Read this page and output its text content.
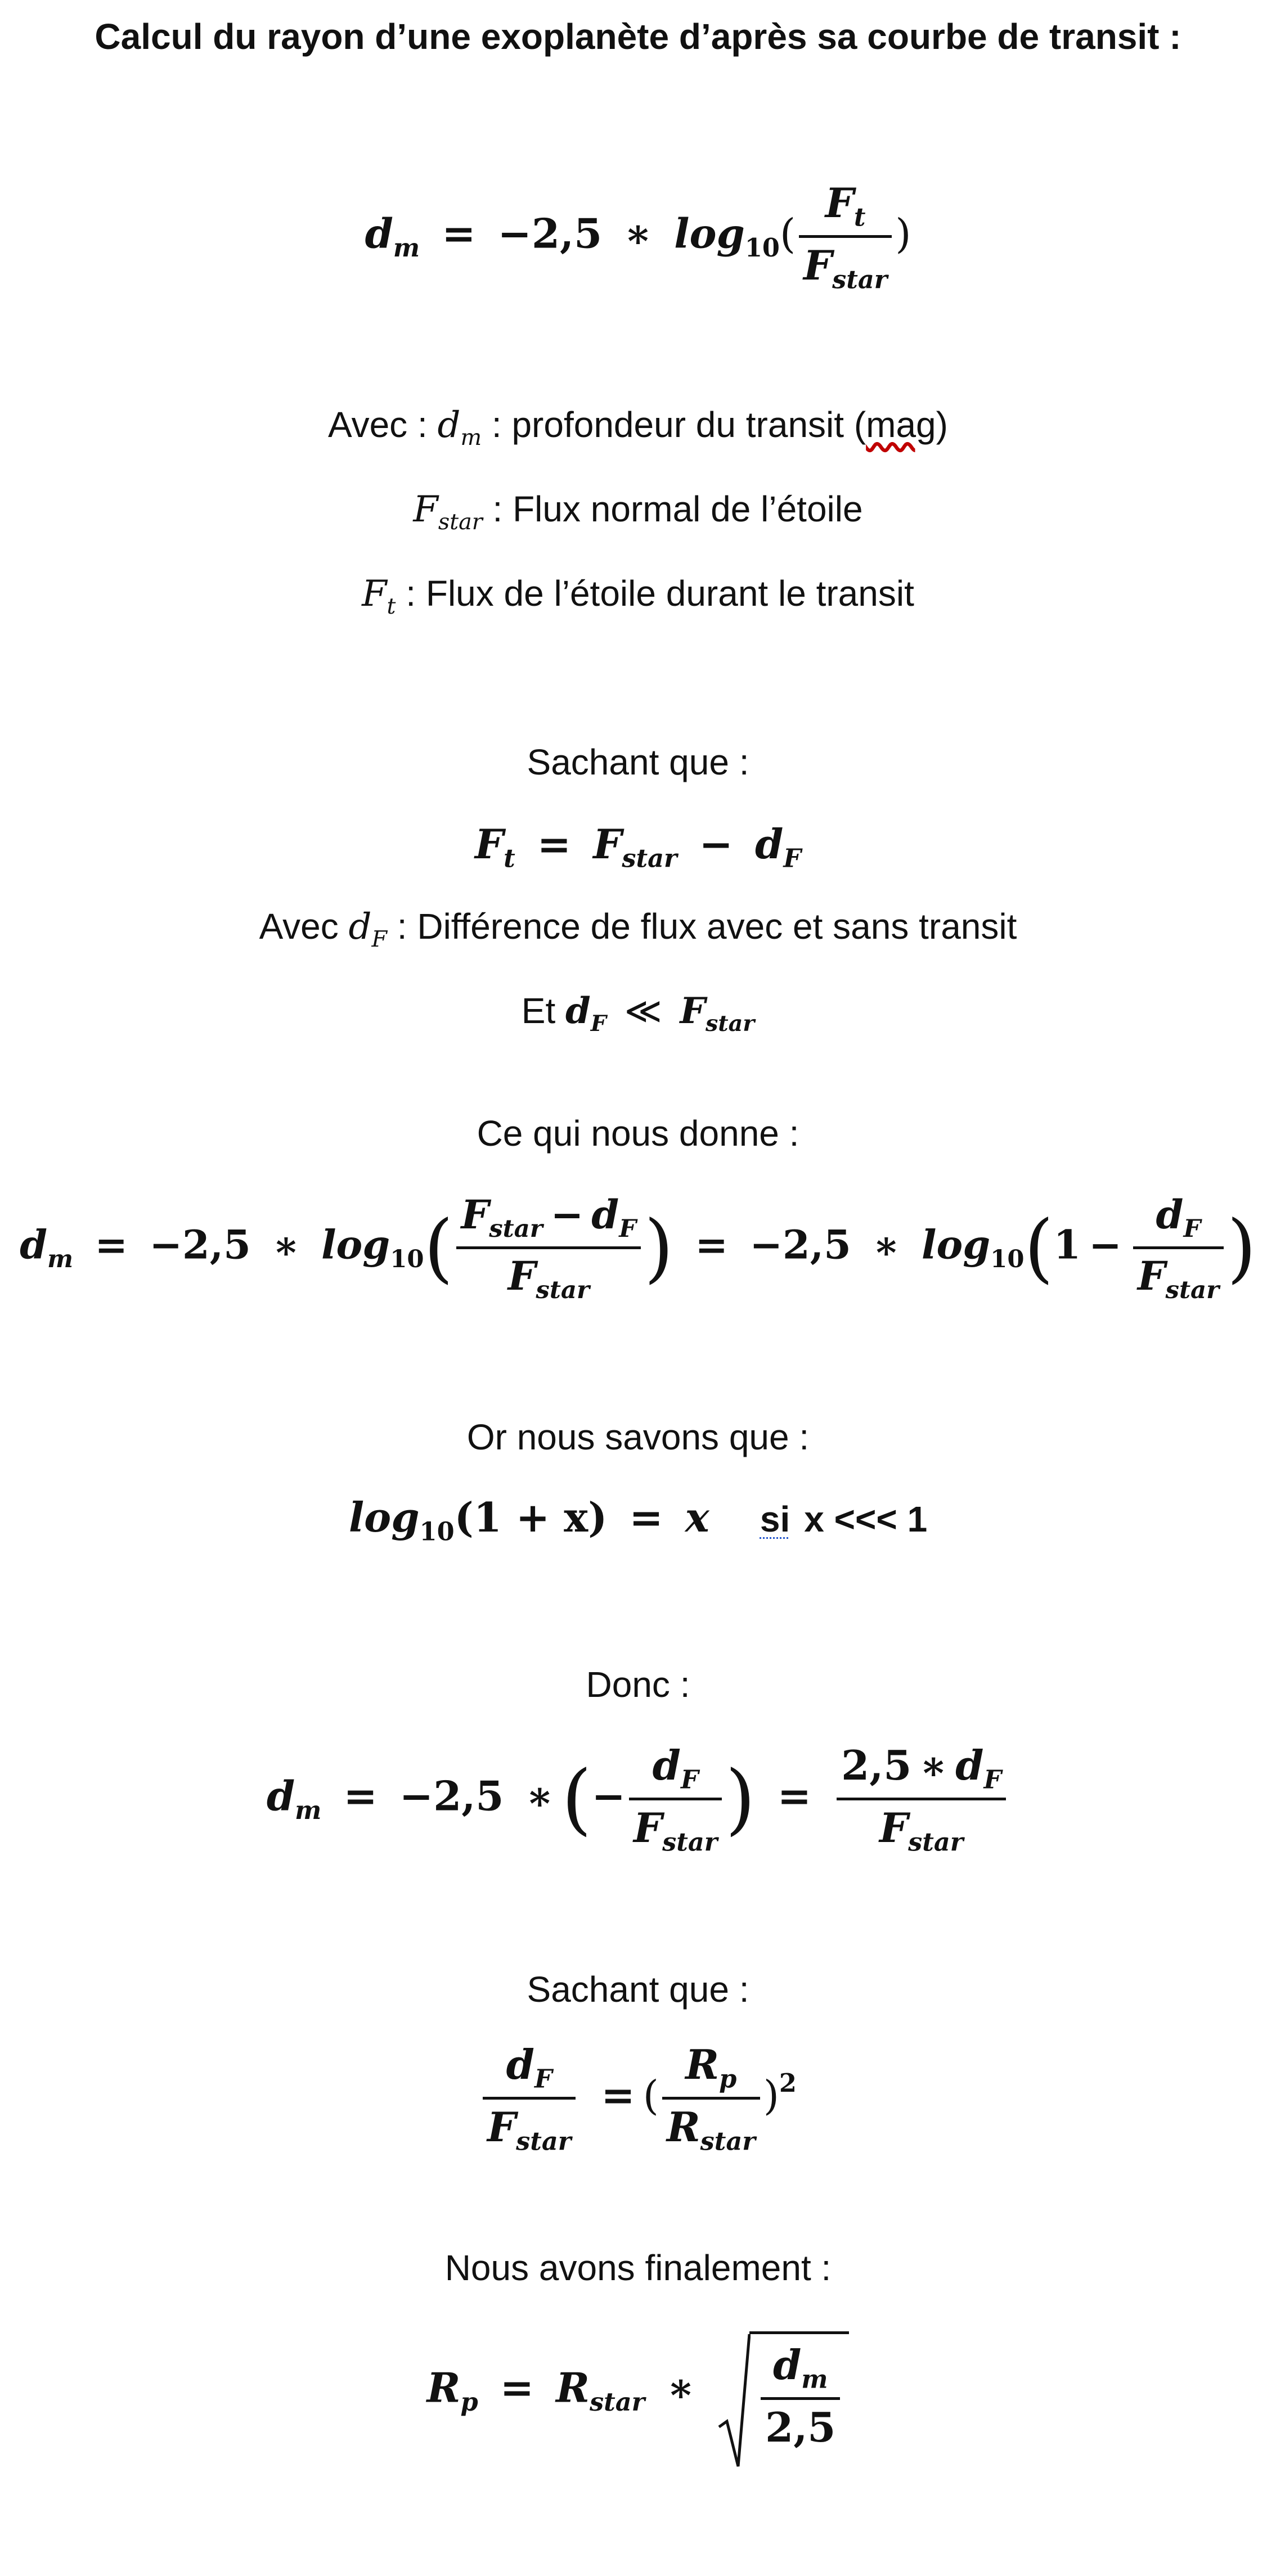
Calcul du rayon d’une exoplanète d’après sa courbe de transit :
$d_m = -2,5$ ∗ $\log_{10}( \frac{F_t}{F_{star}}$ )
Avec : $d_m$ : profondeur du transit (mag)
$F_{star}$ : Flux normal de l’étoile
$F_t$ : Flux de l’étoile durant le transit
Sachant que :
$F_t = F_{star} - d_F$
Avec $d_F$ : Différence de flux avec et sans transit
Et $d_F$ ≪ $F_{star}$
Ce qui nous donne :
$d_m = -2,5$ ∗ $\log_{10}( \frac{F_{star} - d_F}{F_{star}}$ ) = −2,5 ∗ $\log_{10}(1 - \frac{d_F}{F_{star}}$ )
Or nous savons que :
$\log_{10}(1 + x) = x$ si x <<< 1
Donc :
$d_m = -2,5$ ∗ (− $\frac{d_F}{F_{star}}$ ) = $\frac{2,5 ∗ d_F}{F_{star}}$
Sachant que :
$\frac{d_F}{F_{star}}$ = ( $\frac{R_p}{R_{star}} )^2$
Nous avons finalement :
$R_p = R_{star}$ ∗ $\frac{d_m}{2,5}$
